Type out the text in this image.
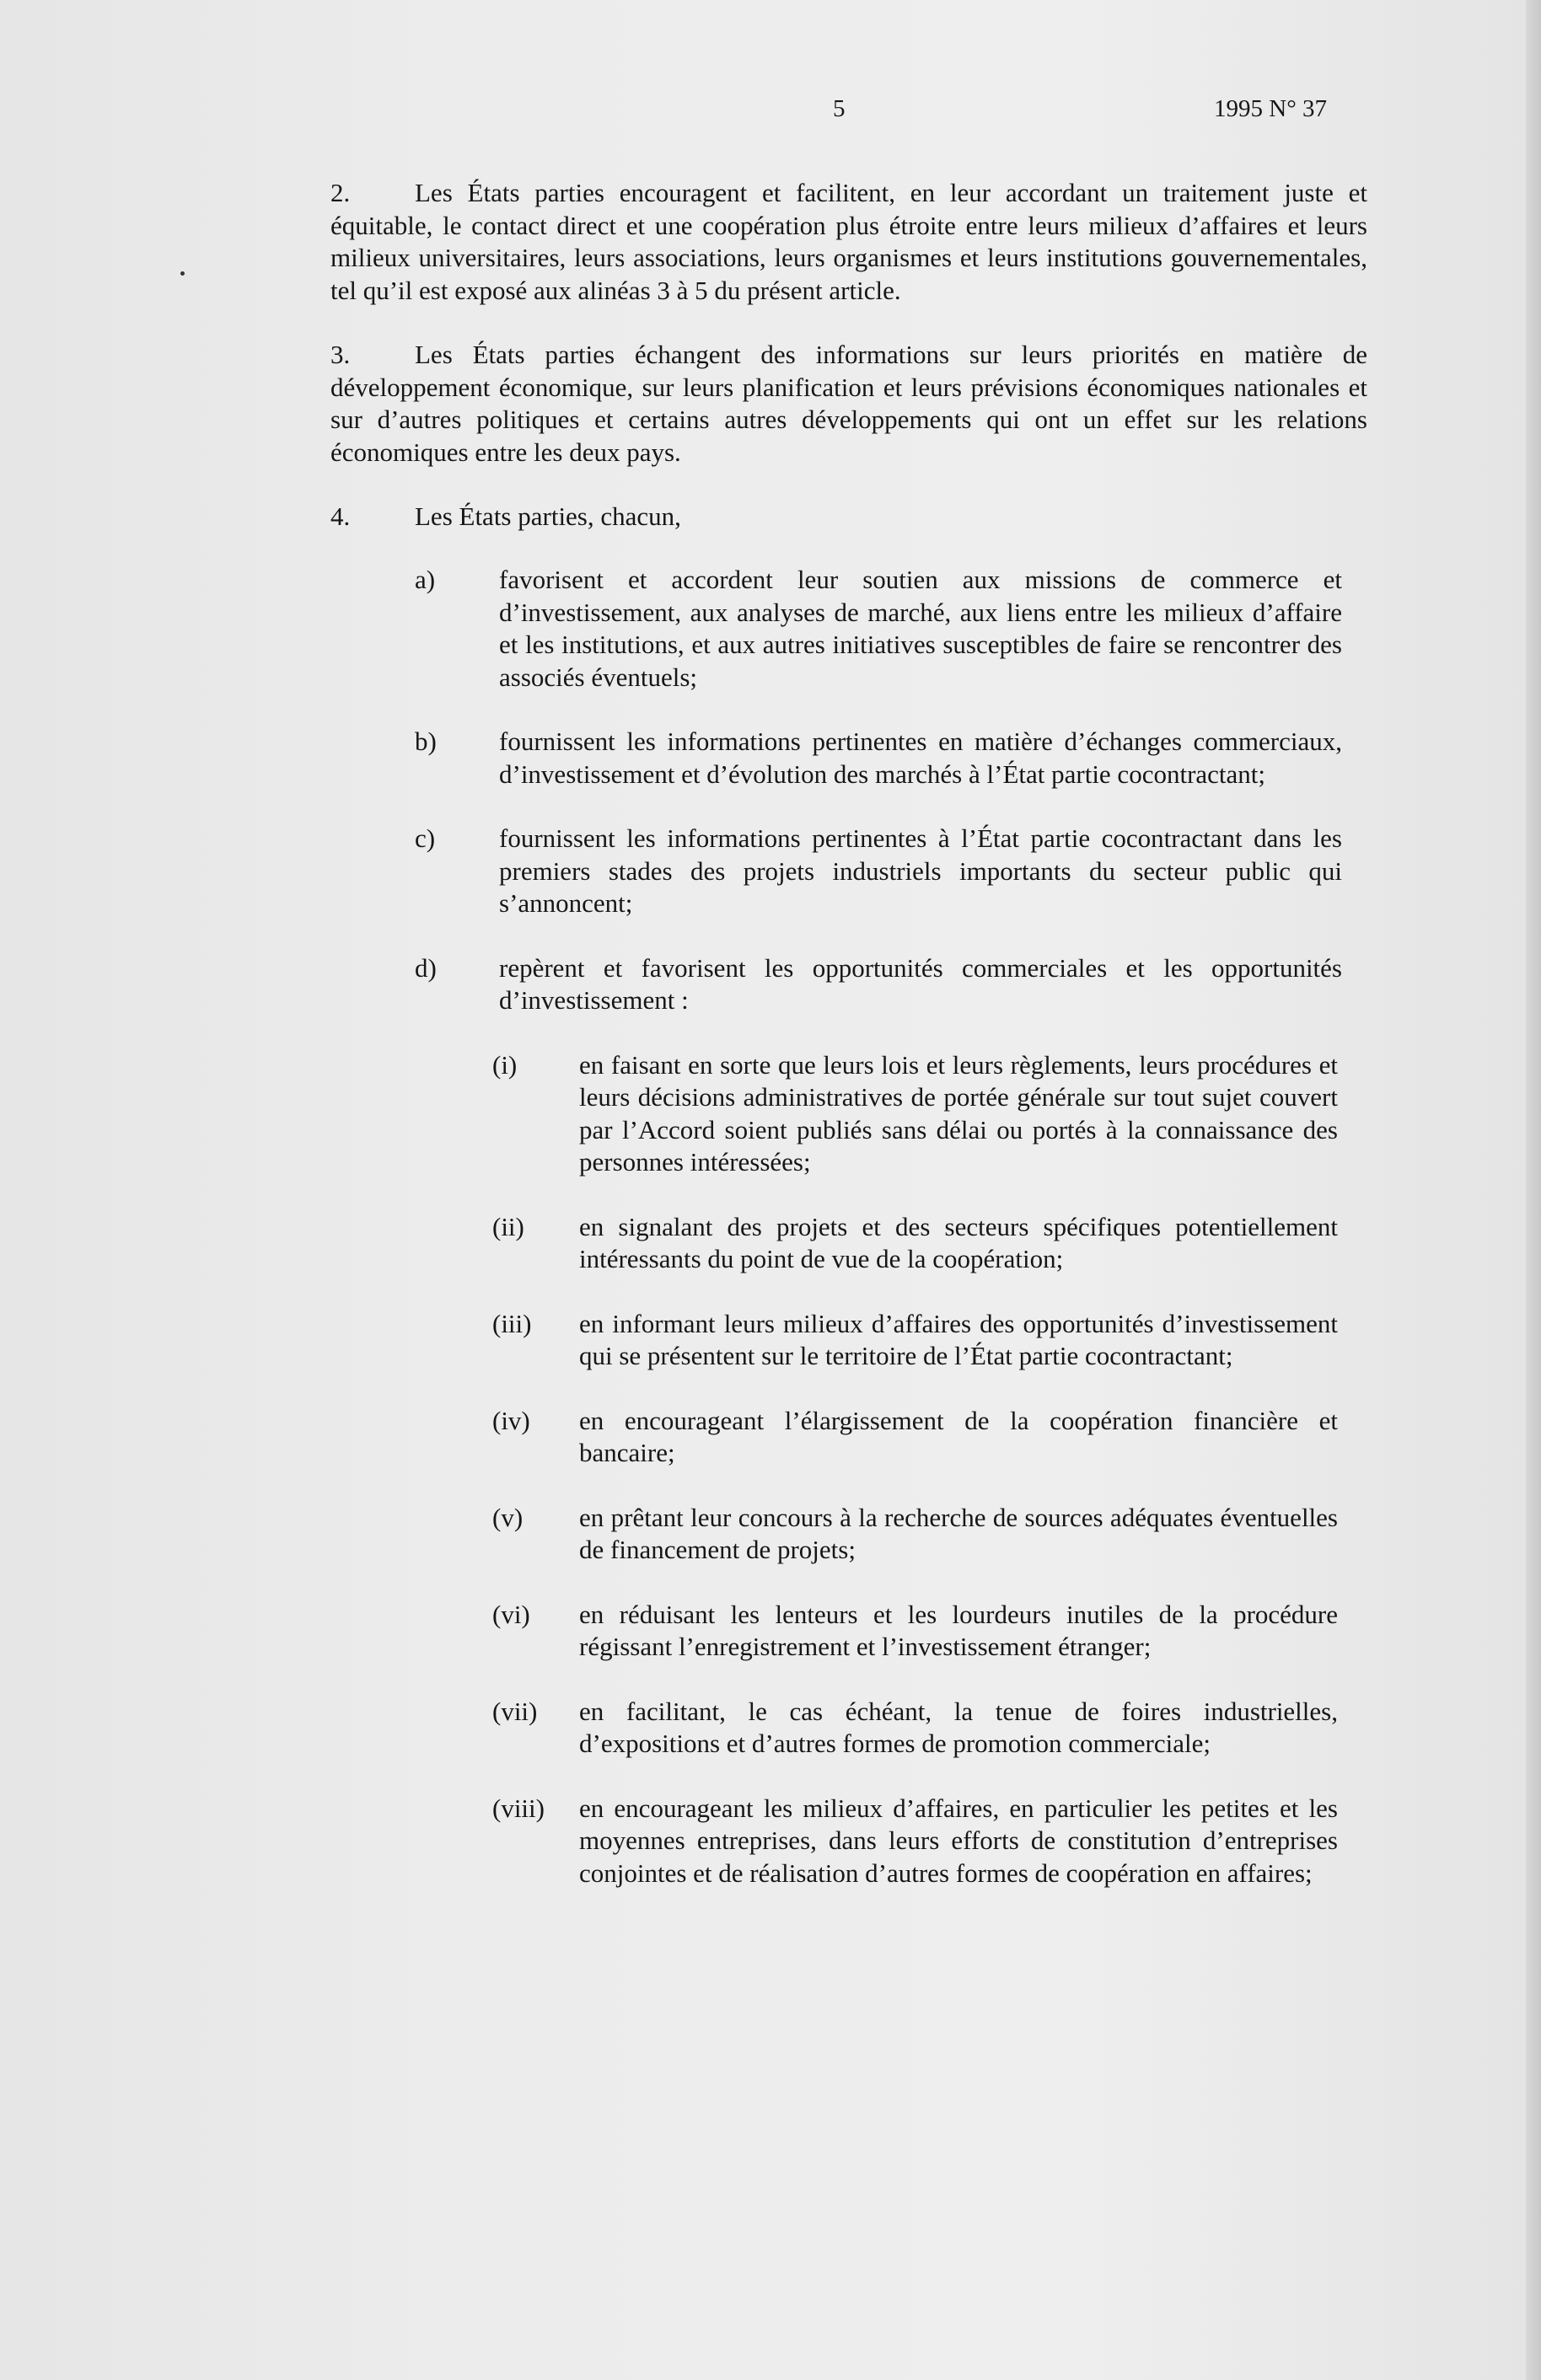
5	1995 N° 37
2. Les États parties encouragent et facilitent, en leur accordant un traitement juste et équitable, le contact direct et une coopération plus étroite entre leurs milieux d’affaires et leurs milieux universitaires, leurs associations, leurs organismes et leurs institutions gouvernementales, tel qu’il est exposé aux alinéas 3 à 5 du présent article.
3. Les États parties échangent des informations sur leurs priorités en matière de développement économique, sur leurs planification et leurs prévisions économiques nationales et sur d’autres politiques et certains autres développements qui ont un effet sur les relations économiques entre les deux pays.
4. Les États parties, chacun,
a) favorisent et accordent leur soutien aux missions de commerce et d’investissement, aux analyses de marché, aux liens entre les milieux d’affaire et les institutions, et aux autres initiatives susceptibles de faire se rencontrer des associés éventuels;
b) fournissent les informations pertinentes en matière d’échanges commerciaux, d’investissement et d’évolution des marchés à l’État partie cocontractant;
c) fournissent les informations pertinentes à l’État partie cocontractant dans les premiers stades des projets industriels importants du secteur public qui s’annoncent;
d) repèrent et favorisent les opportunités commerciales et les opportunités d’investissement :
(i) en faisant en sorte que leurs lois et leurs règlements, leurs procédures et leurs décisions administratives de portée générale sur tout sujet couvert par l’Accord soient publiés sans délai ou portés à la connaissance des personnes intéressées;
(ii) en signalant des projets et des secteurs spécifiques potentiellement intéressants du point de vue de la coopération;
(iii) en informant leurs milieux d’affaires des opportunités d’investissement qui se présentent sur le territoire de l’État partie cocontractant;
(iv) en encourageant l’élargissement de la coopération financière et bancaire;
(v) en prêtant leur concours à la recherche de sources adéquates éventuelles de financement de projets;
(vi) en réduisant les lenteurs et les lourdeurs inutiles de la procédure régissant l’enregistrement et l’investissement étranger;
(vii) en facilitant, le cas échéant, la tenue de foires industrielles, d’expositions et d’autres formes de promotion commerciale;
(viii) en encourageant les milieux d’affaires, en particulier les petites et les moyennes entreprises, dans leurs efforts de constitution d’entreprises conjointes et de réalisation d’autres formes de coopération en affaires;
